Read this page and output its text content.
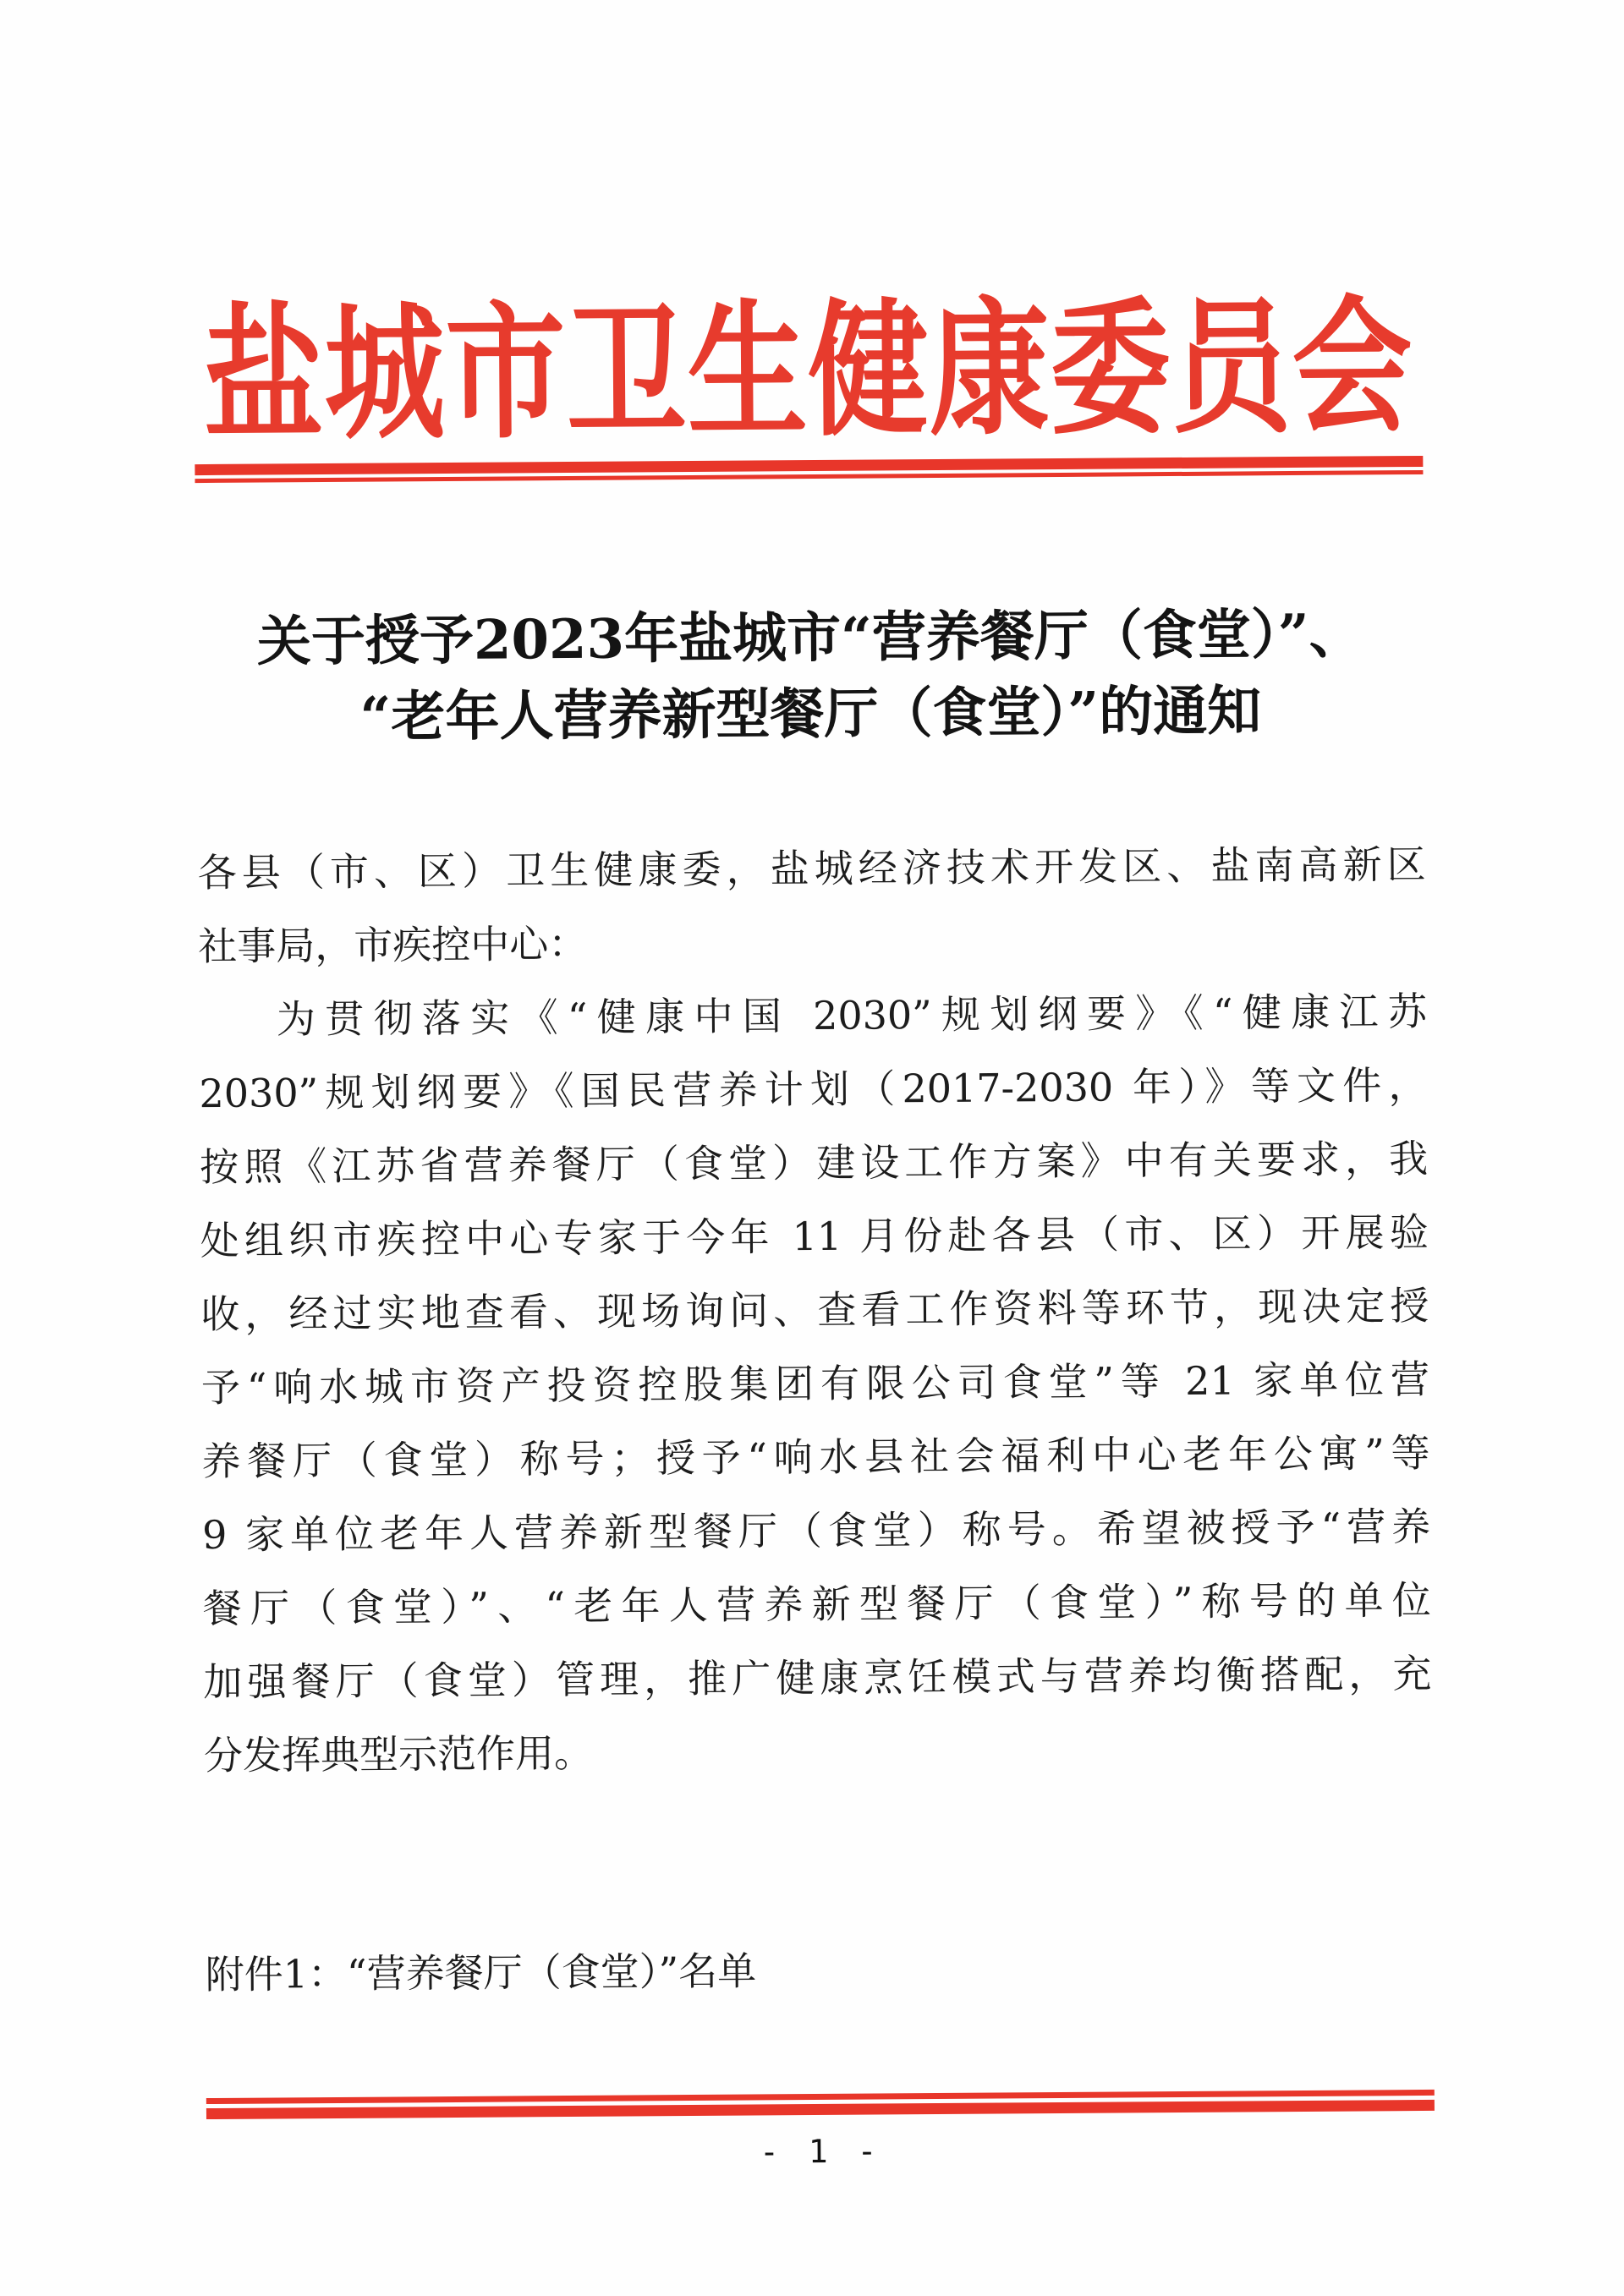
盐城市卫生健康委员会
关于授予2023年盐城市“营养餐厅（食堂）”、
“老年人营养新型餐厅（食堂）”的通知
各县（市、区）卫生健康委，盐城经济技术开发区、盐南高新区
社事局，市疾控中心：
为贯彻落实《“健康中国 2030”规划纲要》《“健康江苏
2030”规划纲要》《国民营养计划（2017-2030 年）》等文件，
按照《江苏省营养餐厅（食堂）建设工作方案》中有关要求，我
处组织市疾控中心专家于今年 11 月份赴各县（市、区）开展验
收，经过实地查看、现场询问、查看工作资料等环节，现决定授
予“响水城市资产投资控股集团有限公司食堂”等 21 家单位营
养餐厅（食堂）称号；授予“响水县社会福利中心老年公寓”等
9 家单位老年人营养新型餐厅（食堂）称号。希望被授予“营养
餐厅（食堂）”、“老年人营养新型餐厅（食堂）”称号的单位
加强餐厅（食堂）管理，推广健康烹饪模式与营养均衡搭配，充
分发挥典型示范作用。
附件1：“营养餐厅（食堂）”名单
- 1 -
